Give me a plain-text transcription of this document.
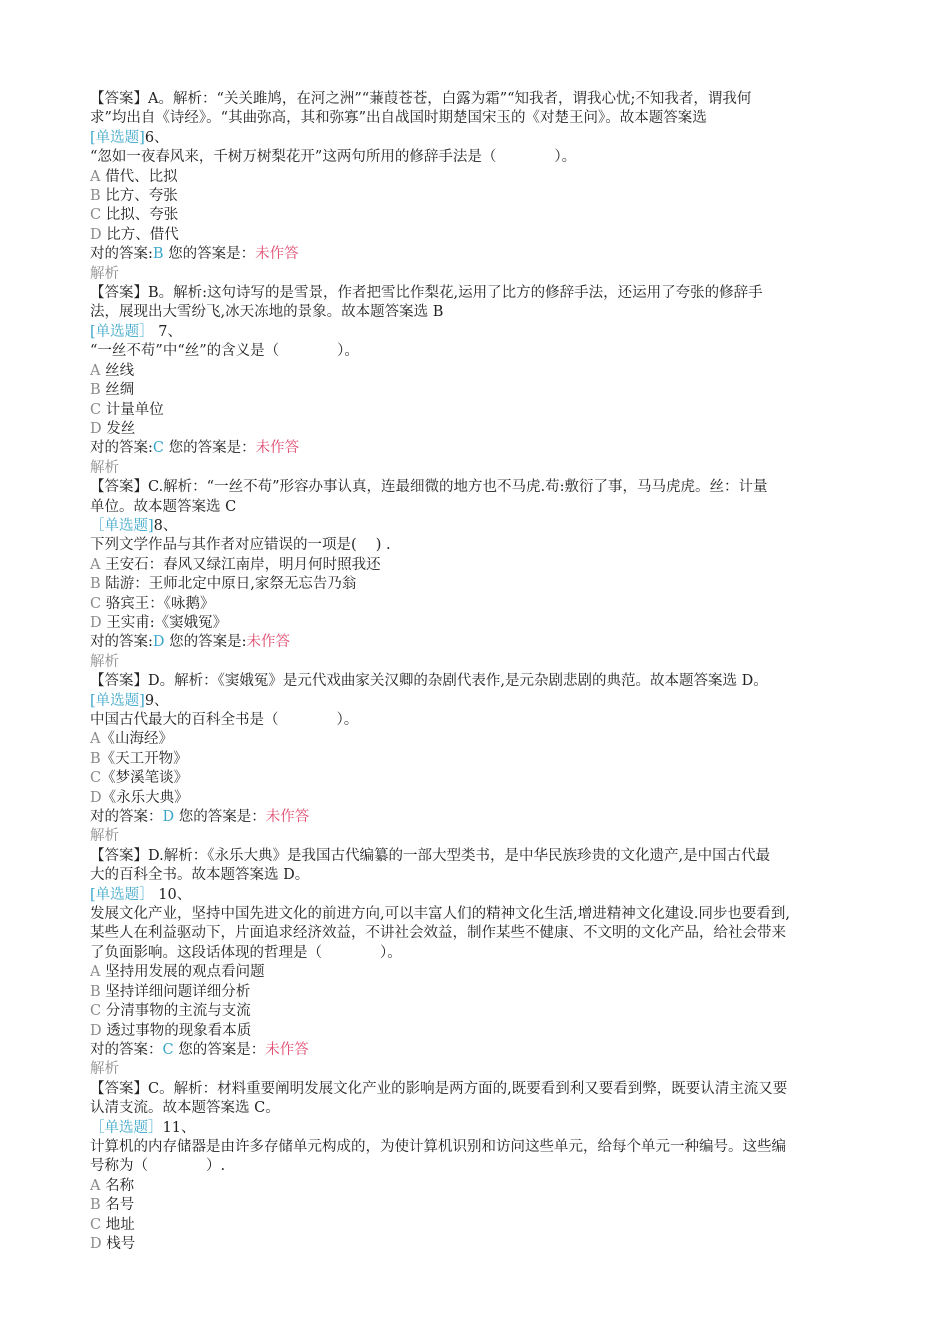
【答案】A。解析：“关关雎鸠，在河之洲”“蒹葭苍苍，白露为霜”“知我者，谓我心忧;不知我者，谓我何
求”均出自《诗经》。“其曲弥高，其和弥寡”出自战国时期楚国宋玉的《对楚王问》。故本题答案选
[单选题]6、
“忽如一夜春风来，千树万树梨花开”这两句所用的修辞手法是（　　　　）。
A 借代、比拟
B 比方、夸张
C 比拟、夸张
D 比方、借代
对的答案:B 您的答案是：未作答
解析
【答案】B。解析:这句诗写的是雪景，作者把雪比作梨花,运用了比方的修辞手法，还运用了夸张的修辞手
法，展现出大雪纷飞,冰天冻地的景象。故本题答案选 B
[单选题］ 7、
“一丝不苟”中“丝”的含义是（　　　　）。
A 丝线
B 丝绸
C 计量单位
D 发丝
对的答案:C 您的答案是：未作答
解析
【答案】C.解析：“一丝不苟”形容办事认真，连最细微的地方也不马虎.苟:敷衍了事，马马虎虎。丝：计量
单位。故本题答案选 C
［单选题]8、
下列文学作品与其作者对应错误的一项是(　 ) .
A 王安石：春风又绿江南岸，明月何时照我还
B 陆游：王师北定中原日,家祭无忘告乃翁
C 骆宾王：《咏鹅》
D 王实甫:《窦娥冤》
对的答案:D 您的答案是:未作答
解析
【答案】D。解析：《窦娥冤》是元代戏曲家关汉卿的杂剧代表作,是元杂剧悲剧的典范。故本题答案选 D。
[单选题]9、
中国古代最大的百科全书是（　　　　）。
A《山海经》
B《天工开物》
C《梦溪笔谈》
D《永乐大典》
对的答案：D 您的答案是：未作答
解析
【答案】D.解析：《永乐大典》是我国古代编纂的一部大型类书，是中华民族珍贵的文化遗产,是中国古代最
大的百科全书。故本题答案选 D。
[单选题］ 10、
发展文化产业，坚持中国先进文化的前进方向,可以丰富人们的精神文化生活,增进精神文化建设.同步也要看到,
某些人在利益驱动下，片面追求经济效益，不讲社会效益，制作某些不健康、不文明的文化产品，给社会带来
了负面影响。这段话体现的哲理是（　　　　）。
A 坚持用发展的观点看问题
B 坚持详细问题详细分析
C 分清事物的主流与支流
D 透过事物的现象看本质
对的答案：C 您的答案是：未作答
解析
【答案】C。解析：材料重要阐明发展文化产业的影响是两方面的,既要看到利又要看到弊，既要认清主流又要
认清支流。故本题答案选 C。
［单选题］11、
计算机的内存储器是由许多存储单元构成的，为使计算机识别和访问这些单元，给每个单元一种编号。这些编
号称为（　　　　）.
A 名称
B 名号
C 地址
D 栈号
